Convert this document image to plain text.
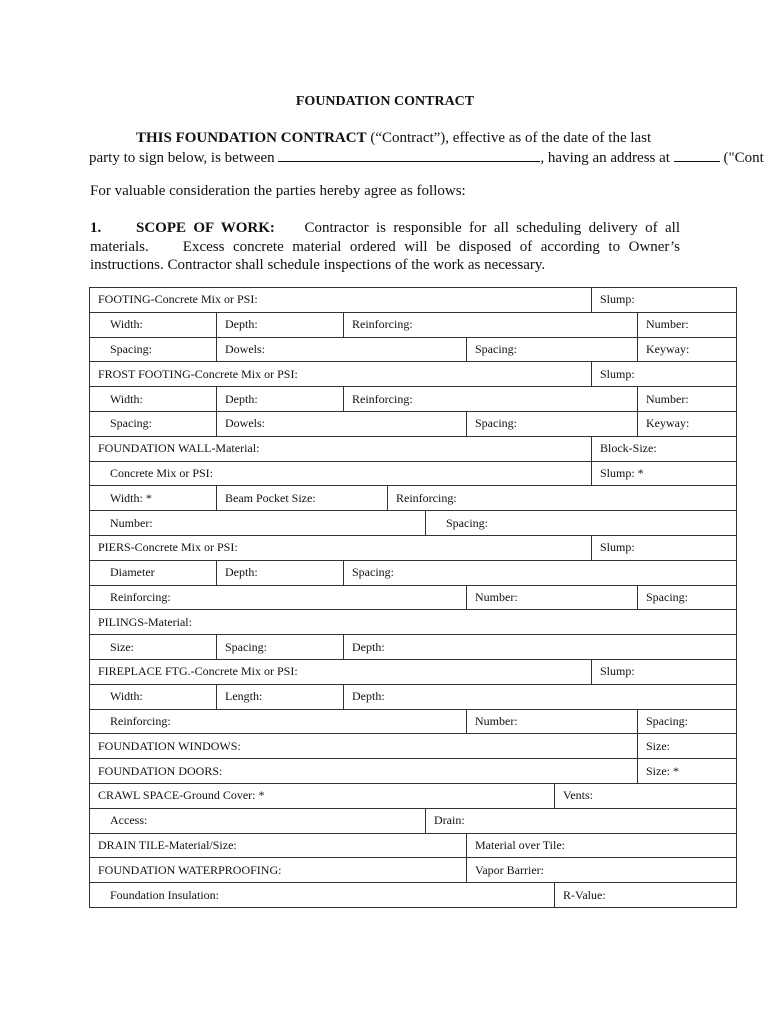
FOUNDATION CONTRACT
THIS FOUNDATION CONTRACT (“Contract”), effective as of the date of the last
party to sign below, is between	, having an address at	("Cont
For valuable consideration the parties hereby agree as follows:
1. SCOPE OF WORK: Contractor is responsible for all scheduling delivery of all
materials.    Excess concrete material ordered will be disposed of according to Owner’s
instructions. Contractor shall schedule inspections of the work as necessary.
FOOTING-Concrete Mix or PSI:							Slump:	
Width:	Depth:	Reinforcing:						Number:
Spacing:	Dowels:				Spacing:			Keyway:
FROST FOOTING-Concrete Mix or PSI:							Slump:	
Width:	Depth:	Reinforcing:						Number:
Spacing:	Dowels:				Spacing:			Keyway:
FOUNDATION WALL-Material:							Block-Size:	
Concrete Mix or PSI:							Slump: *	
Width: *	Beam Pocket Size:		Reinforcing:					
Number:				Spacing:				
PIERS-Concrete Mix or PSI:							Slump:	
Diameter	Depth:	Spacing:						
Reinforcing:					Number:			Spacing:
PILINGS-Material:								
Size:	Spacing:	Depth:						
FIREPLACE FTG.-Concrete Mix or PSI:							Slump:	
Width:	Length:	Depth:						
Reinforcing:					Number:			Spacing:
FOUNDATION WINDOWS:								Size:
FOUNDATION DOORS:								Size: *
CRAWL SPACE-Ground Cover: *						Vents:		
Access:				Drain:				
DRAIN TILE-Material/Size:					Material over Tile:			
FOUNDATION WATERPROOFING:					Vapor Barrier:			
Foundation Insulation:						R-Value:		
